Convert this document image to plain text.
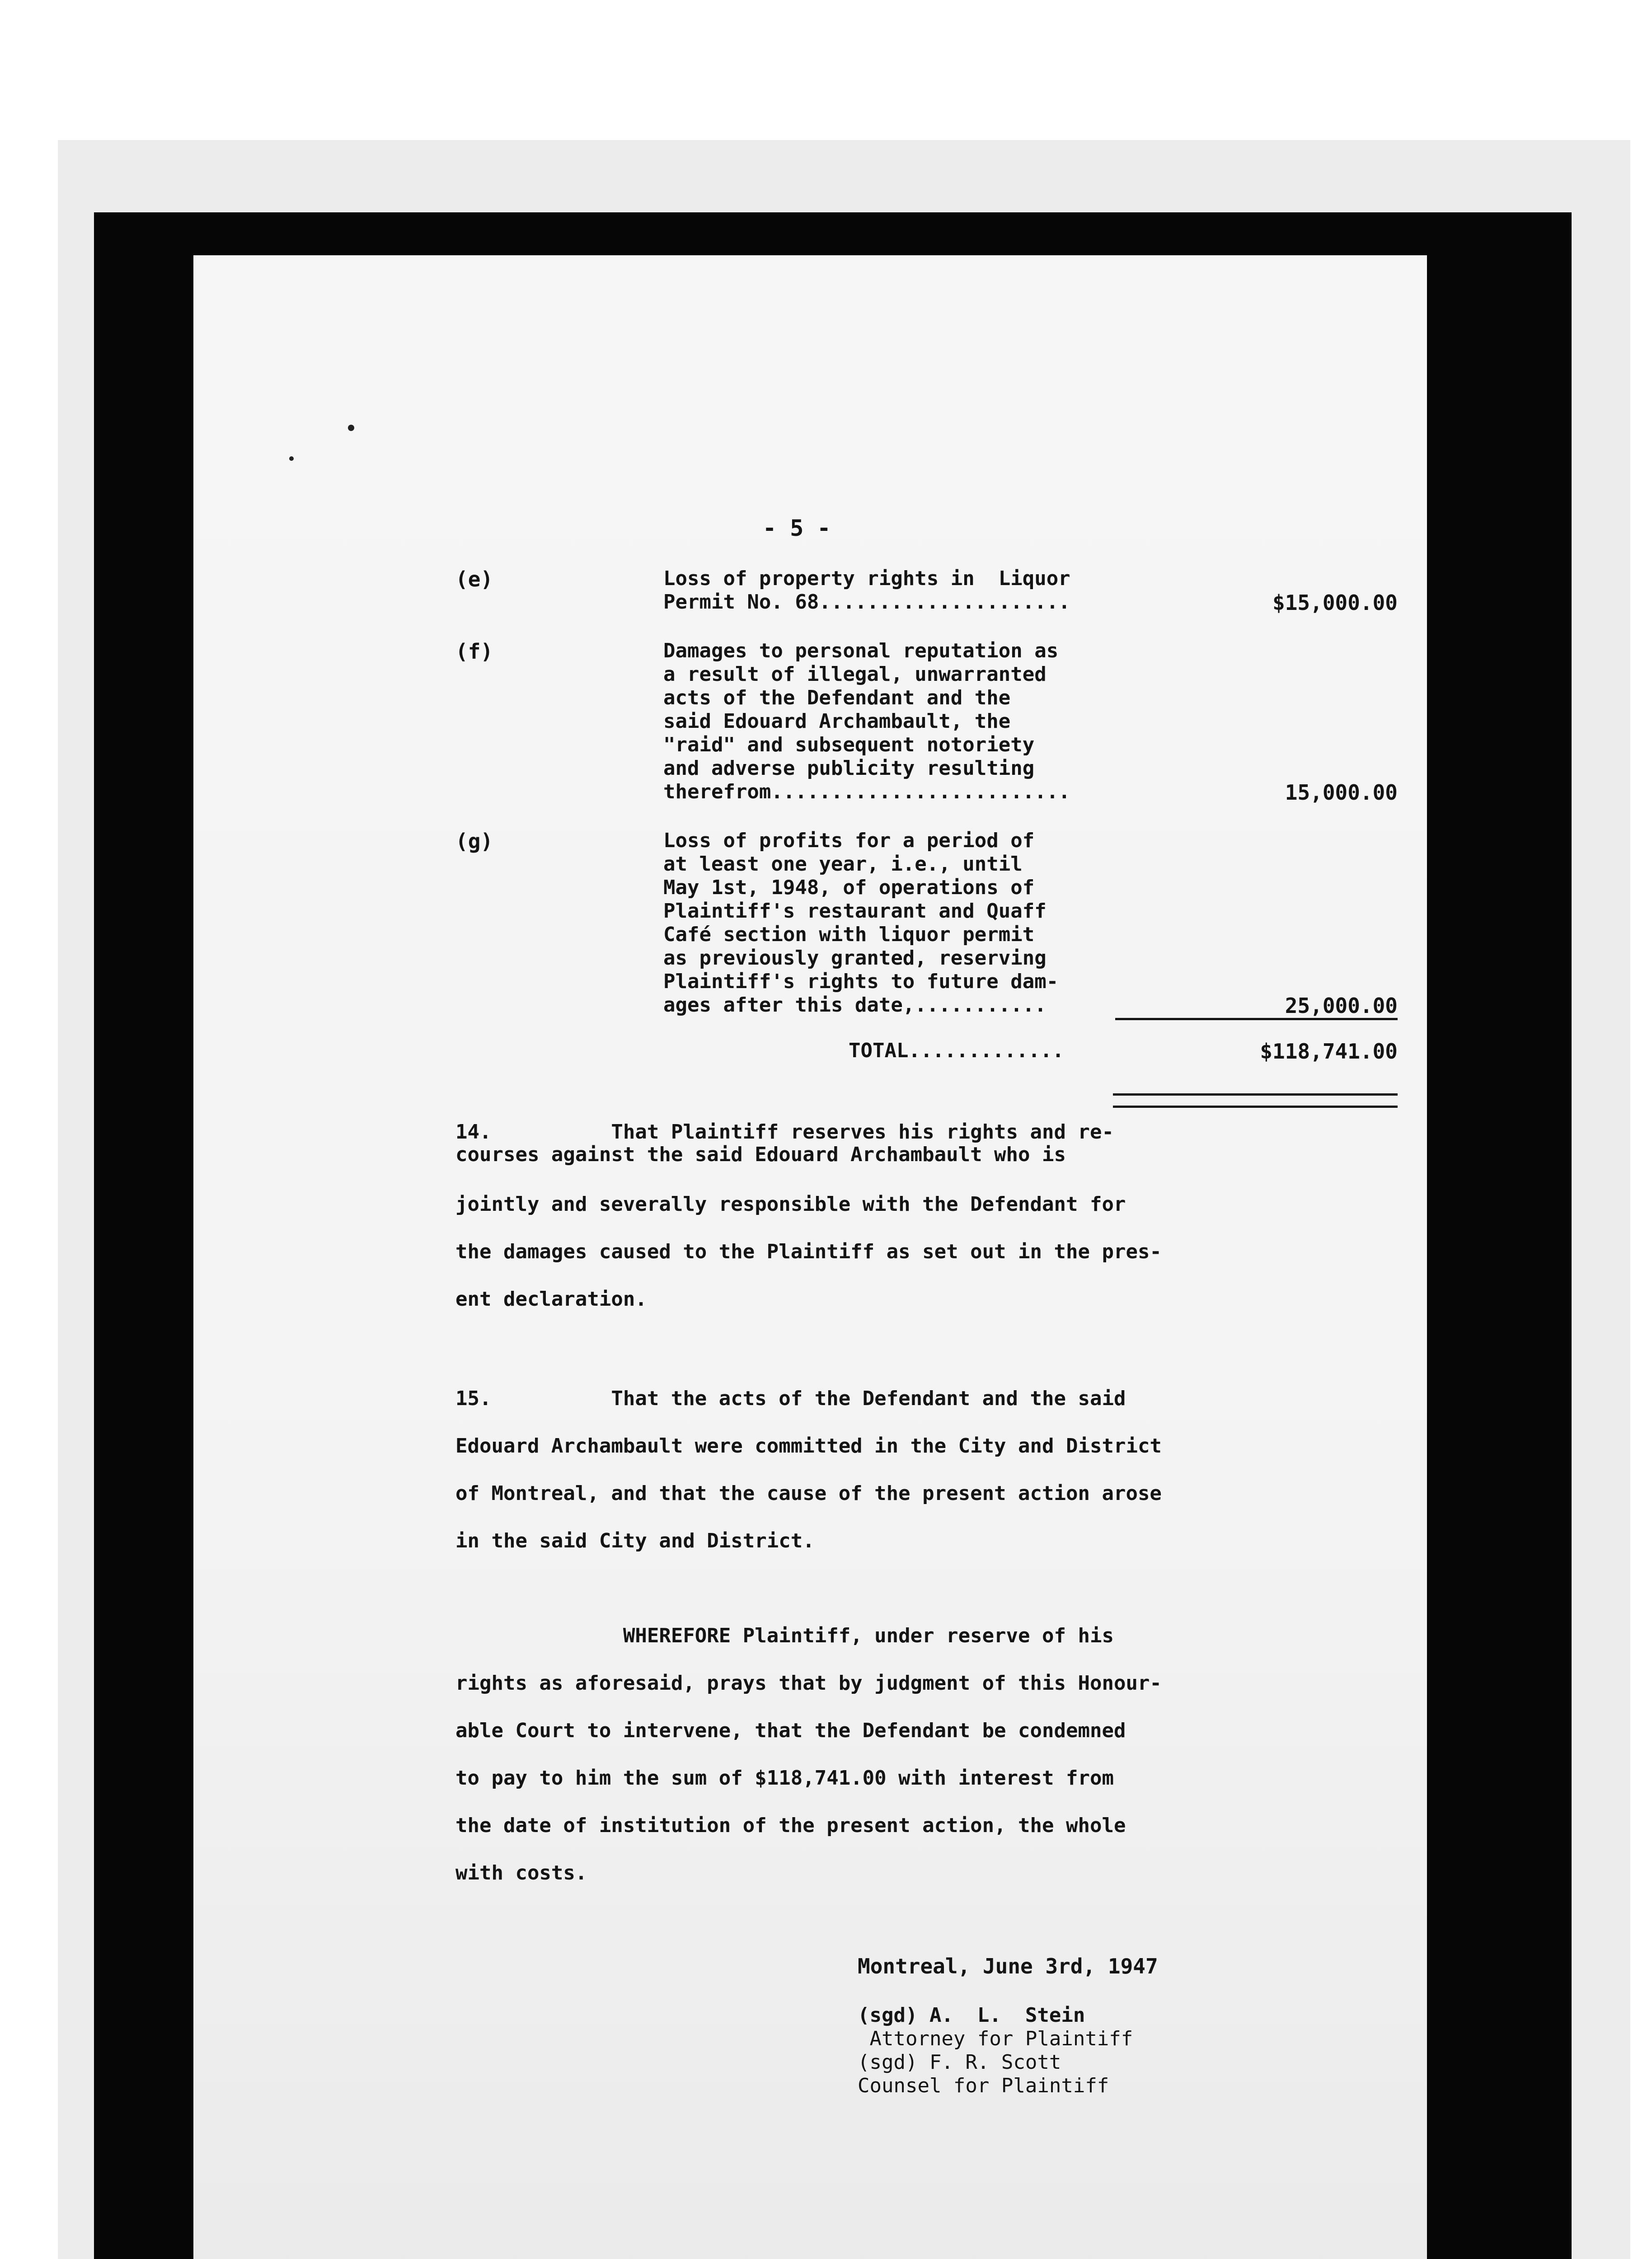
- 5 -
(e)	Loss of property rights in  Liquor
Permit No. 68.....................	$15,000.00
(f)	Damages to personal reputation as
a result of illegal, unwarranted
acts of the Defendant and the
said Edouard Archambault, the
"raid" and subsequent notoriety
and adverse publicity resulting
therefrom.........................	15,000.00
(g)	Loss of profits for a period of
at least one year, i.e., until
May 1st, 1948, of operations of
Plaintiff's restaurant and Quaff
Café section with liquor permit
as previously granted, reserving
Plaintiff's rights to future dam-
ages after this date,...........	25,000.00
TOTAL.............	$118,741.00
14.          That Plaintiff reserves his rights and re-
courses against the said Edouard Archambault who is
jointly and severally responsible with the Defendant for
the damages caused to the Plaintiff as set out in the pres-
ent declaration.
15.          That the acts of the Defendant and the said
Edouard Archambault were committed in the City and District
of Montreal, and that the cause of the present action arose
in the said City and District.
WHEREFORE Plaintiff, under reserve of his
rights as aforesaid, prays that by judgment of this Honour-
able Court to intervene, that the Defendant be condemned
to pay to him the sum of $118,741.00 with interest from
the date of institution of the present action, the whole
with costs.
Montreal, June 3rd, 1947
(sgd) A.  L.  Stein
Attorney for Plaintiff
(sgd) F. R. Scott
Counsel for Plaintiff
